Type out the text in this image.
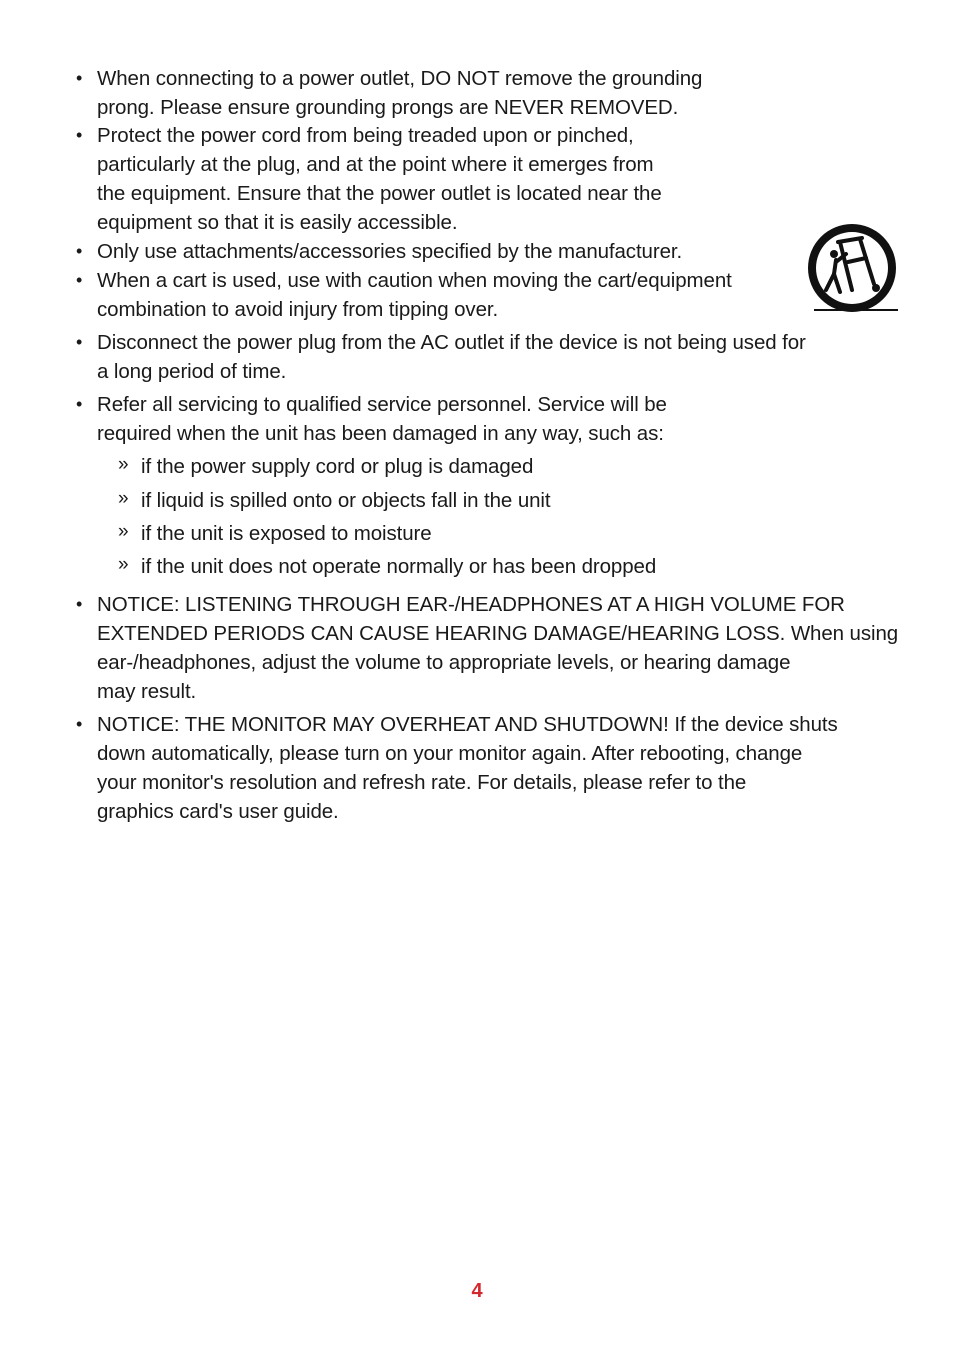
• When connecting to a power outlet, DO NOT remove the grounding
prong. Please ensure grounding prongs are NEVER REMOVED.
• Protect the power cord from being treaded upon or pinched,
particularly at the plug, and at the point where it emerges from
the equipment. Ensure that the power outlet is located near the
equipment so that it is easily accessible.
• Only use attachments/accessories specified by the manufacturer.
• When a cart is used, use with caution when moving the cart/equipment
combination to avoid injury from tipping over.
• Disconnect the power plug from the AC outlet if the device is not being used for
a long period of time.
• Refer all servicing to qualified service personnel. Service will be
required when the unit has been damaged in any way, such as:
» if the power supply cord or plug is damaged
» if liquid is spilled onto or objects fall in the unit
» if the unit is exposed to moisture
» if the unit does not operate normally or has been dropped
• NOTICE: LISTENING THROUGH EAR-/HEADPHONES AT A HIGH VOLUME FOR
EXTENDED PERIODS CAN CAUSE HEARING DAMAGE/HEARING LOSS. When using
ear-/headphones, adjust the volume to appropriate levels, or hearing damage
may result.
• NOTICE: THE MONITOR MAY OVERHEAT AND SHUTDOWN! If the device shuts
down automatically, please turn on your monitor again. After rebooting, change
your monitor's resolution and refresh rate. For details, please refer to the
graphics card's user guide.
4
